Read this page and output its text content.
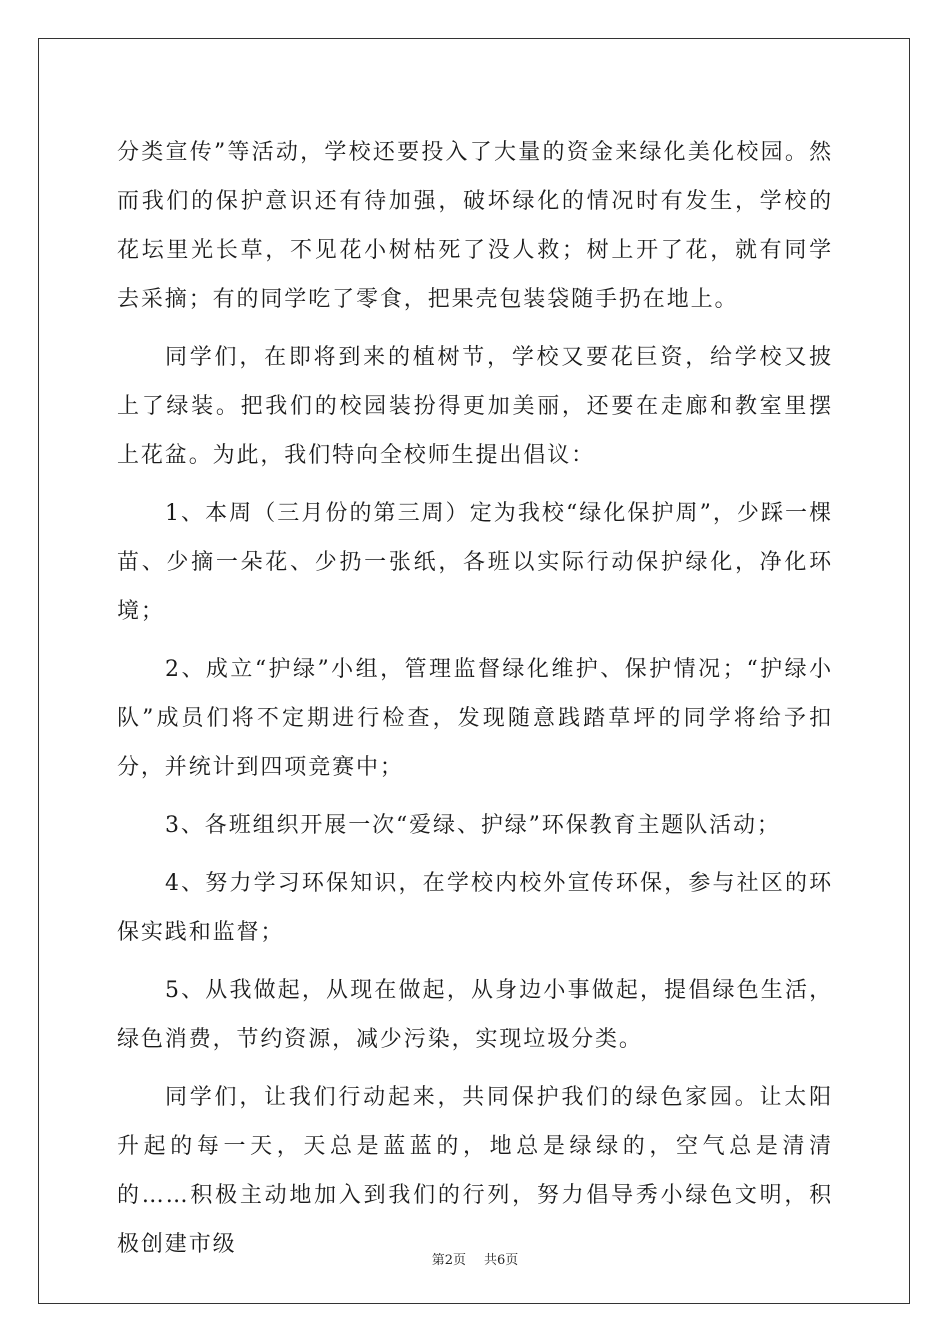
分类宣传”等活动，学校还要投入了大量的资金来绿化美化校园。然而我们的保护意识还有待加强，破坏绿化的情况时有发生，学校的花坛里光长草，不见花小树枯死了没人救；树上开了花，就有同学去采摘；有的同学吃了零食，把果壳包装袋随手扔在地上。

同学们，在即将到来的植树节，学校又要花巨资，给学校又披上了绿装。把我们的校园装扮得更加美丽，还要在走廊和教室里摆上花盆。为此，我们特向全校师生提出倡议：

1、本周（三月份的第三周）定为我校“绿化保护周”，少踩一棵苗、少摘一朵花、少扔一张纸，各班以实际行动保护绿化，净化环境；

2、成立“护绿”小组，管理监督绿化维护、保护情况；“护绿小队”成员们将不定期进行检查，发现随意践踏草坪的同学将给予扣分，并统计到四项竞赛中；

3、各班组织开展一次“爱绿、护绿”环保教育主题队活动；

4、努力学习环保知识，在学校内校外宣传环保，参与社区的环保实践和监督；

5、从我做起，从现在做起，从身边小事做起，提倡绿色生活，绿色消费，节约资源，减少污染，实现垃圾分类。

同学们，让我们行动起来，共同保护我们的绿色家园。让太阳升起的每一天，天总是蓝蓝的，地总是绿绿的，空气总是清清的……积极主动地加入到我们的行列，努力倡导秀小绿色文明，积极创建市级

第2页 共6页
